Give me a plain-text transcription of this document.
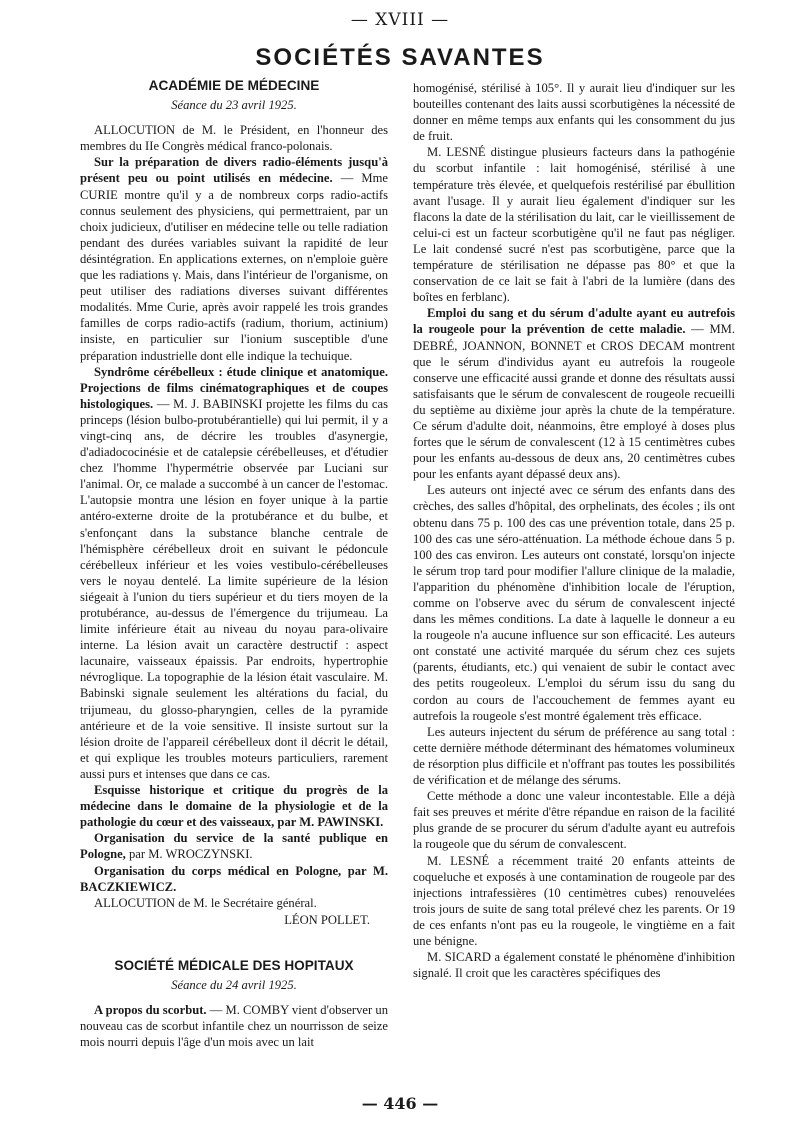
— XVIII —
SOCIÉTÉS SAVANTES
ACADÉMIE DE MÉDECINE
Séance du 23 avril 1925.

ALLOCUTION de M. le Président, en l'honneur des membres du IIe Congrès médical franco-polonais.

Sur la préparation de divers radio-éléments jusqu'à présent peu ou point utilisés en médecine. — Mme CURIE montre qu'il y a de nombreux corps radio-actifs connus seulement des physiciens, qui permettraient, par un choix judicieux, d'utiliser en médecine telle ou telle radiation pendant des durées variables suivant la rapidité de leur désintégration. En applications externes, on n'emploie guère que les radiations γ. Mais, dans l'intérieur de l'organisme, on peut utiliser des radiations diverses suivant différentes modalités. Mme Curie, après avoir rappelé les trois grandes familles de corps radio-actifs (radium, thorium, actinium) insiste, en particulier sur l'ionium susceptible d'une préparation industrielle dont elle indique la techuique.

Syndrôme cérébelleux : étude clinique et anatomique. Projections de films cinématographiques et de coupes histologiques. — M. J. BABINSKI projette les films du cas princeps (lésion bulbo-protubérantielle) qui lui permit, il y a vingt-cinq ans, de décrire les troubles d'asynergie, d'adiadococinésie et de catalepsie cérébelleuses, et d'étudier chez l'homme l'hypermétrie observée par Luciani sur l'animal. Or, ce malade a succombé à un cancer de l'estomac. L'autopsie montra une lésion en foyer unique à la partie antéro-externe droite de la protubérance et du bulbe, et s'enfonçant dans la substance blanche centrale de l'hémisphère cérébelleux droit en suivant le pédoncule cérébelleux inférieur et les voies vestibulo-cérébelleuses vers le noyau dentelé. La limite supérieure de la lésion siégeait à l'union du tiers supérieur et du tiers moyen de la protubérance, au-dessus de l'émergence du trijumeau. La limite inférieure était au niveau du noyau para-olivaire interne. La lésion avait un caractère destructif : aspect lacunaire, vaisseaux épaissis. Par endroits, hypertrophie névroglique. La topographie de la lésion était vasculaire. M. Babinski signale seulement les altérations du facial, du trijumeau, du glosso-pharyngien, celles de la pyramide antérieure et de la voie sensitive. Il insiste surtout sur la lésion droite de l'appareil cérébelleux dont il décrit le détail, et qui explique les troubles moteurs particuliers, rarement aussi purs et intenses que dans ce cas.

Esquisse historique et critique du progrès de la médecine dans le domaine de la physiologie et de la pathologie du cœur et des vaisseaux, par M. PAWINSKI.

Organisation du service de la santé publique en Pologne, par M. WROCZYNSKI.

Organisation du corps médical en Pologne, par M. BACZKIEWICZ.

ALLOCUTION de M. le Secrétaire général.

LÉON POLLET.
SOCIÉTÉ MÉDICALE DES HOPITAUX
Séance du 24 avril 1925.

A propos du scorbut. — M. COMBY vient d'observer un nouveau cas de scorbut infantile chez un nourrisson de seize mois nourri depuis l'âge d'un mois avec un lait

homogénisé, stérilisé à 105°. Il y aurait lieu d'indiquer sur les bouteilles contenant des laits aussi scorbutigènes la nécessité de donner en même temps aux enfants qui les consomment du jus de fruit.

M. LESNÉ distingue plusieurs facteurs dans la pathogénie du scorbut infantile : lait homogénisé, stérilisé à une température très élevée, et quelquefois restérilisé par ébullition avant l'usage. Il y aurait lieu également d'indiquer sur les flacons la date de la stérilisation du lait, car le vieillissement de celui-ci est un facteur scorbutigène qu'il ne faut pas négliger. Le lait condensé sucré n'est pas scorbutigène, parce que la température de stérilisation ne dépasse pas 80° et que la conservation de ce lait se fait à l'abri de la lumière (dans des boîtes en ferblanc).

Emploi du sang et du sérum d'adulte ayant eu autrefois la rougeole pour la prévention de cette maladie. — MM. DEBRÉ, JOANNON, BONNET et CROS DECAM montrent que le sérum d'individus ayant eu autrefois la rougeole conserve une efficacité aussi grande et donne des résultats aussi satisfaisants que le sérum de convalescent de rougeole recueilli du septième au dixième jour après la chute de la température. Ce sérum d'adulte doit, néanmoins, être employé à doses plus fortes que le sérum de convalescent (12 à 15 centimètres cubes pour les enfants au-dessous de deux ans, 20 centimètres cubes pour les enfants ayant dépassé deux ans).

Les auteurs ont injecté avec ce sérum des enfants dans des crèches, des salles d'hôpital, des orphelinats, des écoles ; ils ont obtenu dans 75 p. 100 des cas une prévention totale, dans 25 p. 100 des cas une séro-atténuation. La méthode échoue dans 5 p. 100 des cas environ. Les auteurs ont constaté, lorsqu'on injecte le sérum trop tard pour modifier l'allure clinique de la maladie, l'apparition du phénomène d'inhibition locale de l'éruption, comme on l'observe avec du sérum de convalescent injecté dans les mêmes conditions. La date à laquelle le donneur a eu la rougeole n'a aucune influence sur son efficacité. Les auteurs ont constaté une activité marquée du sérum chez ces sujets (parents, étudiants, etc.) qui venaient de subir le contact avec des petits rougeoleux. L'emploi du sérum issu du sang du cordon au cours de l'accouchement de femmes ayant eu autrefois la rougeole s'est montré également très efficace.

Les auteurs injectent du sérum de préférence au sang total : cette dernière méthode déterminant des hématomes volumineux de résorption plus difficile et n'offrant pas toutes les possibilités de vérification et de mélange des sérums.

Cette méthode a donc une valeur incontestable. Elle a déjà fait ses preuves et mérite d'être répandue en raison de la facilité plus grande de se procurer du sérum d'adulte ayant eu autrefois la rougeole que du sérum de convalescent.

M. LESNÉ a récemment traité 20 enfants atteints de coqueluche et exposés à une contamination de rougeole par des injections intrafessières (10 centimètres cubes) renouvelées trois jours de suite de sang total prélevé chez les parents. Or 19 de ces enfants n'ont pas eu la rougeole, le vingtième en a fait une bénigne.

M. SICARD a également constaté le phénomène d'inhibition signalé. Il croit que les caractères spécifiques des

— 446 —
